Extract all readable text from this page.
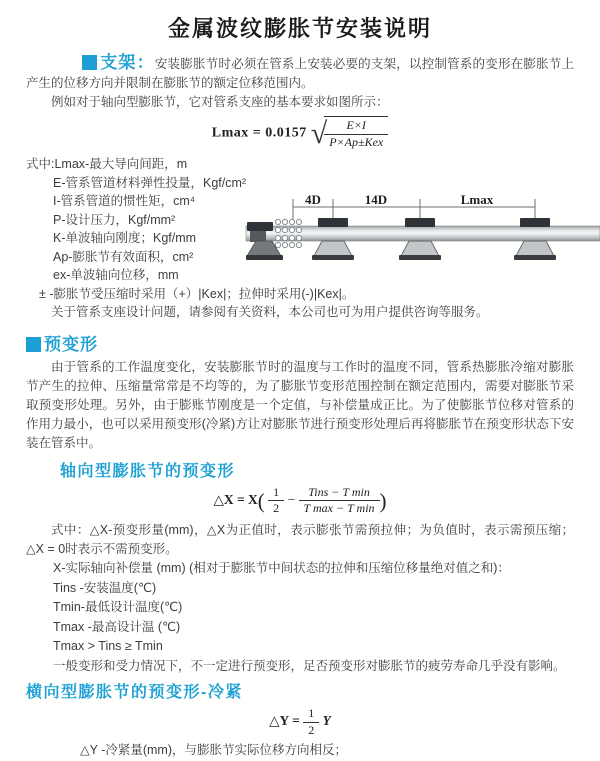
金属波纹膨胀节安装说明

支架：安装膨胀节时必须在管系上安装必要的支架，以控制管系的变形在膨胀节上产生的位移方向并限制在膨胀节的额定位移范围内。

例如对于轴向型膨胀节，它对管系支座的基本要求如图所示：

Lmax = 0.0157 √
$\frac{E\times I}{\text{P×Ap±Kex}}$
式中:Lmax-最大导向间距，m
E-管系管道材料弹性投量，Kgf/cm²
I-管系管道的惯性矩，cm⁴
P-设计压力，Kgf/mm²
K-单波轴向刚度；Kgf/mm
Ap-膨胀节有效面积，cm²
ex-单波轴向位移，mm
± -膨胀节受压缩时采用（+）|Kex|；拉伸时采用(-)|Kex|。
关于管系支座设计问题，请参阅有关资料，本公司也可为用户提供咨询等服务。
4D	14D	Lmax
预变形

由于管系的工作温度变化，安装膨胀节时的温度与工作时的温度不同，管系热膨胀冷缩对膨胀节产生的拉伸、压缩量常常是不均等的，为了膨胀节变形范围控制在额定范围内，需要对膨胀节采取预变形处理。另外，由于膨账节刚度是一个定值，与补偿量成正比。为了使膨胀节位移对管系的作用力最小，也可以采用预变形(冷紧)方让对膨胀节进行预变形处理后再将膨胀节在预变形状态下安装在管系中。

轴向型膨胀节的预变形
△X = $X( \frac{1}{2} - \frac{\text{Tins − T min}}{\text{T max − T min}}$ )

式中：△X-预变形量(mm)，△X为正值时，表示膨张节需预拉伸；为负值时，表示需预压缩；△X = 0时表示不需预变形。

X-实际轴向补偿量 (mm) (相对于膨胀节中间状态的拉伸和压缩位移量绝对值之和)：
Tins -安装温度(℃)
Tmin-最低设计温度(℃)
Tmax -最高设计温 (℃)
Tmax > Tins ≥ Tmin
一般变形和受力情况下，不一定进行预变形，足否预变形对膨胀节的疲劳寿命几乎没有影响。
横向型膨胀节的预变形-冷紧
△Y = $\frac{1}{2}$ Y
△Y -冷紧量(mm)，与膨胀节实际位移方向相反；
